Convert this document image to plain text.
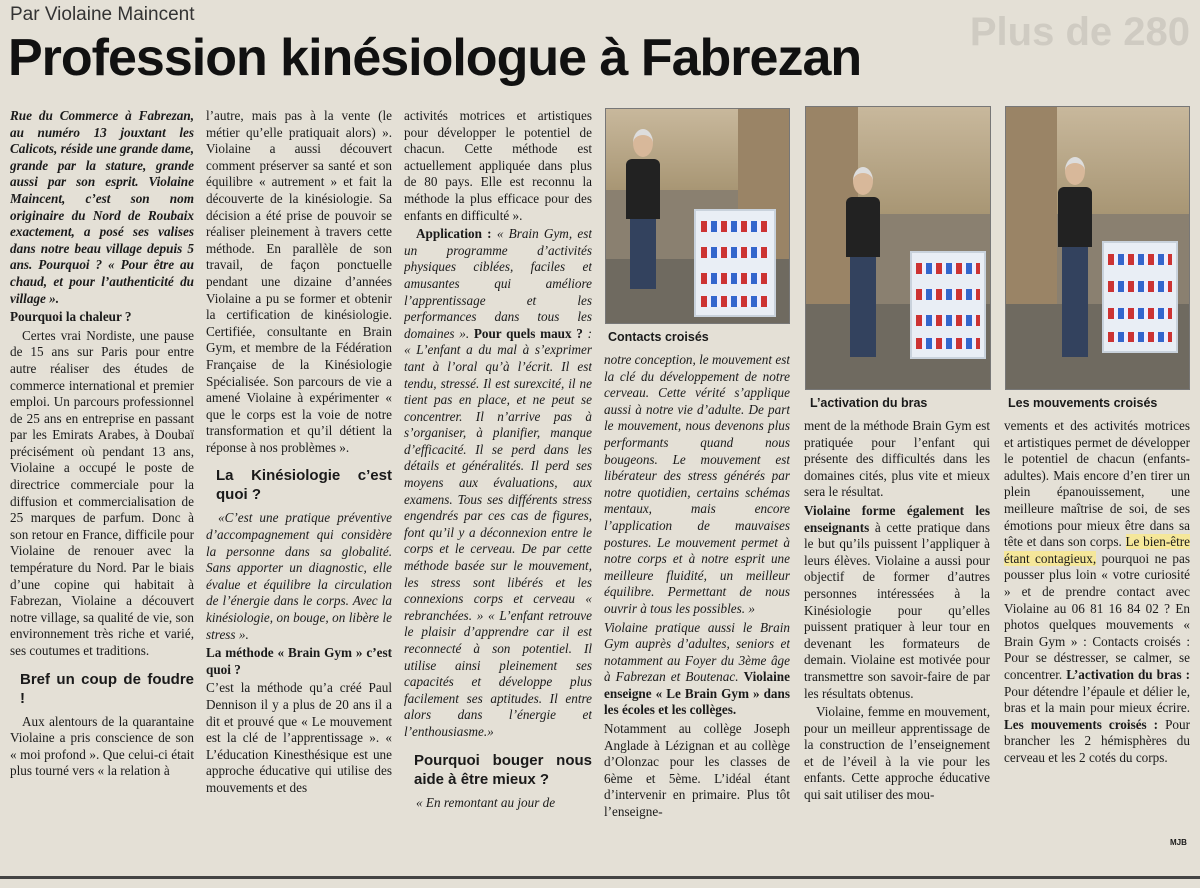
Plus de 280
Par Violaine Maincent
Profession kinésiologue à Fabrezan

Rue du Commerce à Fabrezan, au numéro 13 jouxtant les Calicots, réside une grande dame, grande par la stature, grande aussi par son esprit. Violaine Maincent, c’est son nom originaire du Nord de Roubaix exactement, a posé ses valises dans notre beau village depuis 5 ans. Pourquoi ? « Pour être au chaud, et pour l’authenticité du village ».

Pourquoi la chaleur ?

Certes vrai Nordiste, une pause de 15 ans sur Paris pour entre autre réaliser des études de commerce international et premier emploi. Un parcours professionnel de 25 ans en entreprise en passant par les Emirats Arabes, à Doubaï précisément où pendant 13 ans, Violaine a occupé le poste de directrice commerciale pour la diffusion et commercialisation de 25 marques de parfum. Donc à son retour en France, difficile pour Violaine de renouer avec la température du Nord. Par le biais d’une copine qui habitait à Fabrezan, Violaine a découvert notre village, sa qualité de vie, son environnement très riche et varié, ses coutumes et traditions.

Bref un coup de foudre !

Aux alentours de la quarantaine Violaine a pris conscience de son « moi profond ». Que celui-ci était plus tourné vers « la relation à

l’autre, mais pas à la vente (le métier qu’elle pratiquait alors) ». Violaine a aussi découvert comment préserver sa santé et son équilibre « autrement » et fait la découverte de la kinésiologie. Sa décision a été prise de pouvoir se réaliser pleinement à travers cette méthode. En parallèle de son travail, de façon ponctuelle pendant une dizaine d’années Violaine a pu se former et obtenir la certification de kinésiologie. Certifiée, consultante en Brain Gym, et membre de la Fédération Française de la Kinésiologie Spécialisée. Son parcours de vie a amené Violaine à expérimenter « que le corps est la voie de notre transformation et qu’il détient la réponse à nos problèmes ».

La Kinésiologie c’est quoi ?

«C’est une pratique préventive d’accompagnement qui considère la personne dans sa globalité. Sans apporter un diagnostic, elle évalue et équilibre la circulation de l’énergie dans le corps. Avec la kinésiologie, on bouge, on libère le stress ».

La méthode « Brain Gym » c’est quoi ?

C’est la méthode qu’a créé Paul Dennison il y a plus de 20 ans il a dit et prouvé que « Le mouvement est la clé de l’apprentissage ». « L’éducation Kinesthésique est une approche éducative qui utilise des mouvements et des

activités motrices et artistiques pour développer le potentiel de chacun. Cette méthode est actuellement appliquée dans plus de 80 pays. Elle est reconnu la méthode la plus efficace pour des enfants en difficulté ».

Application : « Brain Gym, est un programme d’activités physiques ciblées, faciles et amusantes qui améliore l’apprentissage et les performances dans tous les domaines ». Pour quels maux ? : « L’enfant a du mal à s’exprimer tant à l’oral qu’à l’écrit. Il est tendu, stressé. Il est surexcité, il ne tient pas en place, et ne peut se concentrer. Il n’arrive pas à s’organiser, à planifier, manque d’efficacité. Il se perd dans les détails et généralités. Il perd ses moyens aux évaluations, aux examens. Tous ses différents stress engendrés par ces cas de figures, font qu’il y a déconnexion entre le corps et le cerveau. De par cette méthode basée sur le mouvement, les stress sont libérés et les connexions corps et cerveau « rebranchées. » « L’enfant retrouve le plaisir d’apprendre car il est reconnecté à son potentiel. Il utilise ainsi pleinement ses capacités et développe plus facilement ses aptitudes. Il entre alors dans l’énergie et l’enthousiasme.»

Pourquoi bouger nous aide à être mieux ?

« En remontant au jour de

Contacts croisés
L’activation du bras	Les mouvements croisés

notre conception, le mouvement est la clé du développement de notre cerveau. Cette vérité s’applique aussi à notre vie d’adulte. De part le mouvement, nous devenons plus performants quand nous bougeons. Le mouvement est libérateur des stress générés par notre quotidien, certains schémas mentaux, mais encore l’application de mauvaises postures. Le mouvement permet à notre corps et à notre esprit une meilleure fluidité, un meilleur équilibre. Permettant de nous ouvrir à tous les possibles. »

Violaine pratique aussi le Brain Gym auprès d’adultes, seniors et notamment au Foyer du 3ème âge à Fabrezan et Boutenac. Violaine enseigne « Le Brain Gym » dans les écoles et les collèges.

Notamment au collège Joseph Anglade à Lézignan et au collège d’Olonzac pour les classes de 6ème et 5ème. L’idéal étant d’intervenir en primaire. Plus tôt l’enseigne-

ment de la méthode Brain Gym est pratiquée pour l’enfant qui présente des difficultés dans les domaines cités, plus vite et mieux sera le résultat.

Violaine forme également les enseignants à cette pratique dans le but qu’ils puissent l’appliquer à leurs élèves. Violaine a aussi pour objectif de former d’autres personnes intéressées à la Kinésiologie pour qu’elles puissent pratiquer à leur tour en devenant les formateurs de demain. Violaine est motivée pour transmettre son savoir-faire de par les résultats obtenus.

Violaine, femme en mouvement, pour un meilleur apprentissage de la construction de l’enseignement et de l’éveil à la vie pour les enfants. Cette approche éducative qui sait utiliser des mou-

vements et des activités motrices et artistiques permet de développer le potentiel de chacun (enfants-adultes). Mais encore d’en tirer un plein épanouissement, une meilleure maîtrise de soi, de ses émotions pour mieux être dans sa tête et dans son corps. Le bien-être étant contagieux, pourquoi ne pas pousser plus loin « votre curiosité » et de prendre contact avec Violaine au 06 81 16 84 02 ? En photos quelques mouvements « Brain Gym » : Contacts croisés : Pour se déstresser, se calmer, se concentrer. L’activation du bras : Pour détendre l’épaule et délier le, bras et la main pour mieux écrire. Les mouvements croisés : Pour brancher les 2 hémisphères du cerveau et les 2 cotés du corps.

MJB
